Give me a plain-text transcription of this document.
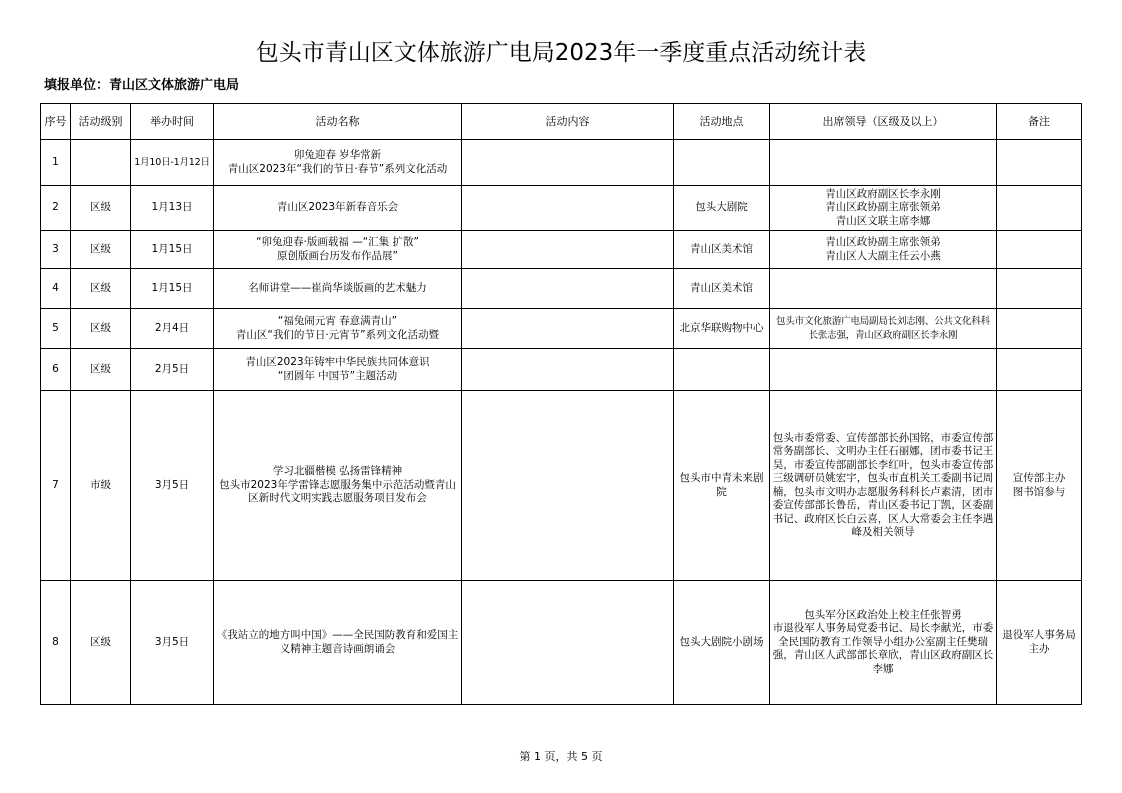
包头市青山区文体旅游广电局2023年一季度重点活动统计表
填报单位：青山区文体旅游广电局
序号	活动级别	举办时间	活动名称	活动内容	活动地点	出席领导（区级及以上）	备注
1		1月10日-1月12日	卯兔迎春 岁华常新
青山区2023年“我们的节日·春节”系列文化活动				
2	区级	1月13日	青山区2023年新春音乐会		包头大剧院	青山区政府副区长李永刚
青山区政协副主席张领弟
青山区文联主席李娜	
3	区级	1月15日	“卯兔迎春·版画载福 —“汇集 扩散”
原创版画台历发布作品展”		青山区美术馆	青山区政协副主席张领弟
青山区人大副主任云小燕	
4	区级	1月15日	名师讲堂——崔尚华谈版画的艺术魅力		青山区美术馆		
5	区级	2月4日	“福兔闹元宵 春意满青山”
青山区“我们的节日·元宵节”系列文化活动暨		北京华联购物中心	包头市文化旅游广电局副局长刘志刚、公共文化科科长张志强，青山区政府副区长李永刚	
6	区级	2月5日	青山区2023年铸牢中华民族共同体意识
“团圆年 中国节”主题活动				
7	市级	3月5日	学习北疆楷模 弘扬雷锋精神
包头市2023年学雷锋志愿服务集中示范活动暨青山区新时代文明实践志愿服务项目发布会		包头市中青未来剧院	包头市委常委、宣传部部长孙国铭，市委宣传部常务副部长、文明办主任石丽娜，团市委书记王昊，市委宣传部副部长李红叶，包头市委宣传部三级调研员姚宏宇，包头市直机关工委副书记周楠，包头市文明办志愿服务科科长卢素清，团市委宣传部部长鲁岳，青山区委书记丁凯，区委副书记、政府区长白云喜，区人大常委会主任李遇峰及相关领导	宣传部主办
图书馆参与
8	区级	3月5日	《我站立的地方叫中国》——全民国防教育和爱国主义精神主题音诗画朗诵会		包头大剧院小剧场	包头军分区政治处上校主任张智勇
市退役军人事务局党委书记、局长李献光，市委全民国防教育工作领导小组办公室副主任樊瑞强，青山区人武部部长章欣，青山区政府副区长李娜	退役军人事务局主办
第 1 页，共 5 页
